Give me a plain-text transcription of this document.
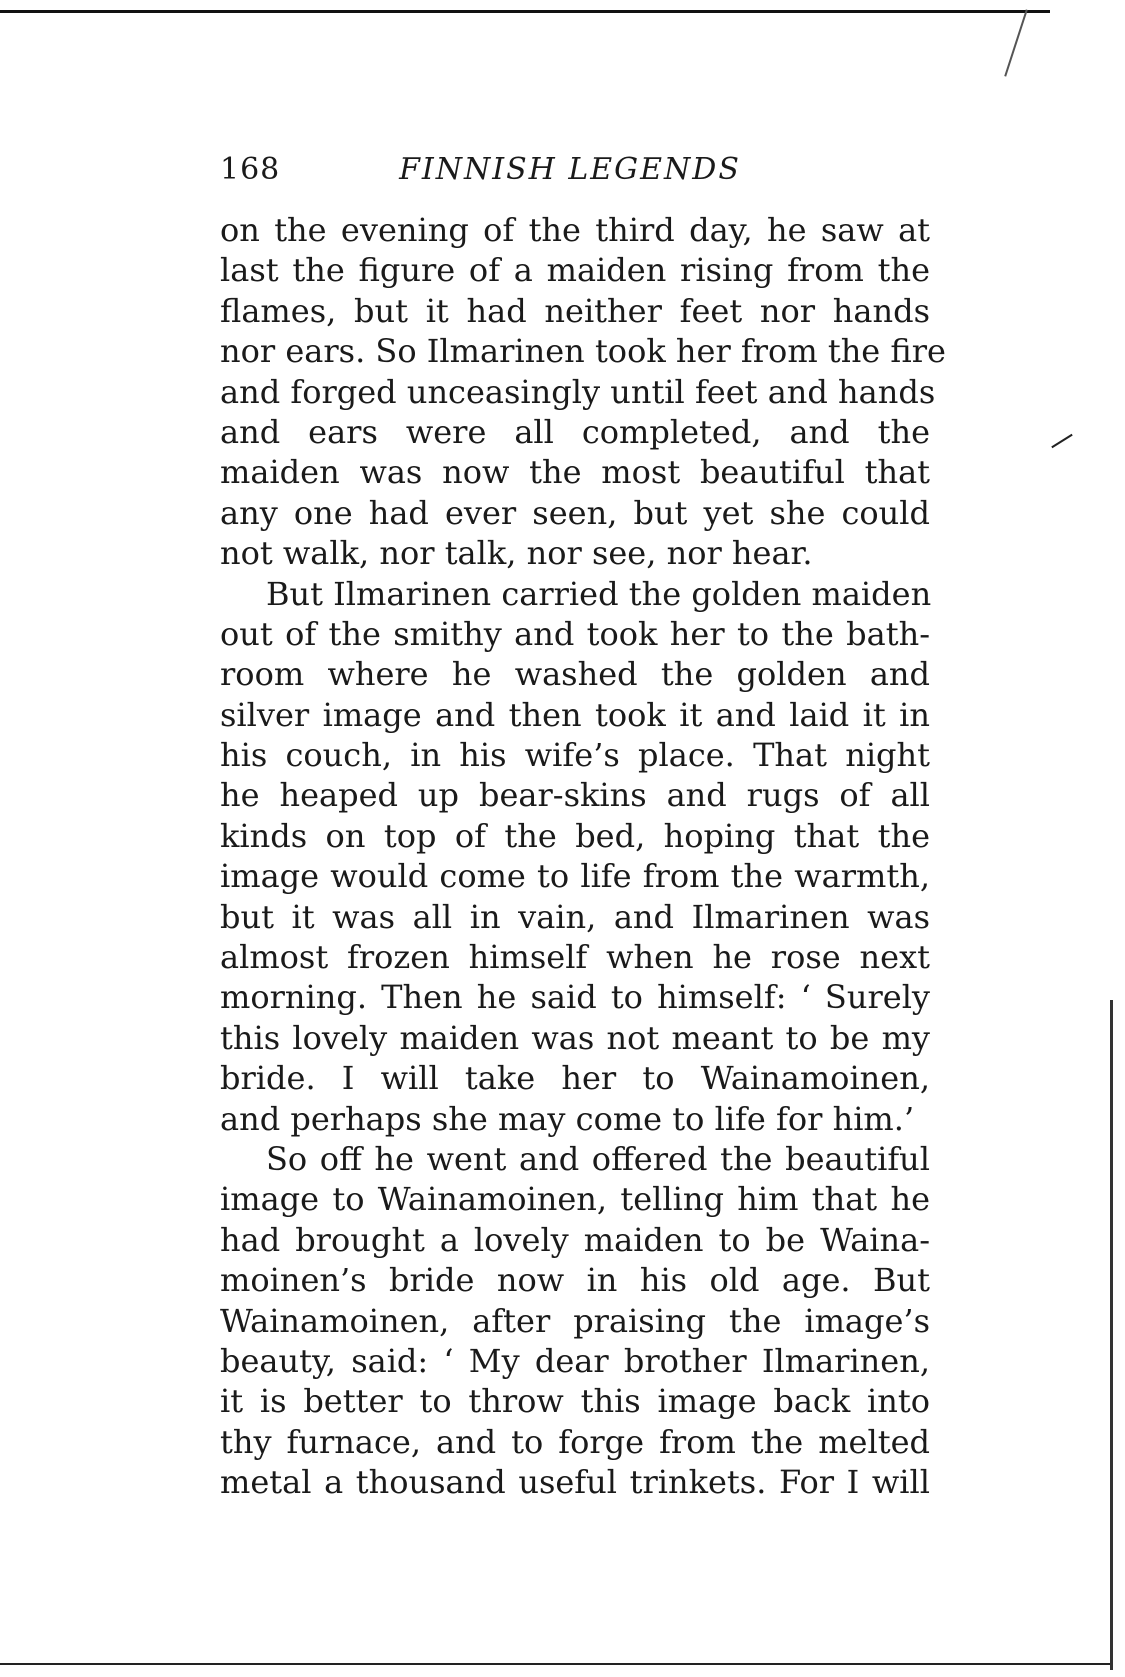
168	FINNISH LEGENDS
on the evening of the third day, he saw at
last the figure of a maiden rising from the
flames, but it had neither feet nor hands
nor ears. So Ilmarinen took her from the fire
and forged unceasingly until feet and hands
and ears were all completed, and the
maiden was now the most beautiful that
any one had ever seen, but yet she could
not walk, nor talk, nor see, nor hear.
But Ilmarinen carried the golden maiden
out of the smithy and took her to the bath-
room where he washed the golden and
silver image and then took it and laid it in
his couch, in his wife’s place. That night
he heaped up bear-skins and rugs of all
kinds on top of the bed, hoping that the
image would come to life from the warmth,
but it was all in vain, and Ilmarinen was
almost frozen himself when he rose next
morning. Then he said to himself: ‘ Surely
this lovely maiden was not meant to be my
bride. I will take her to Wainamoinen,
and perhaps she may come to life for him.’
So off he went and offered the beautiful
image to Wainamoinen, telling him that he
had brought a lovely maiden to be Waina-
moinen’s bride now in his old age. But
Wainamoinen, after praising the image’s
beauty, said: ‘ My dear brother Ilmarinen,
it is better to throw this image back into
thy furnace, and to forge from the melted
metal a thousand useful trinkets. For I will
